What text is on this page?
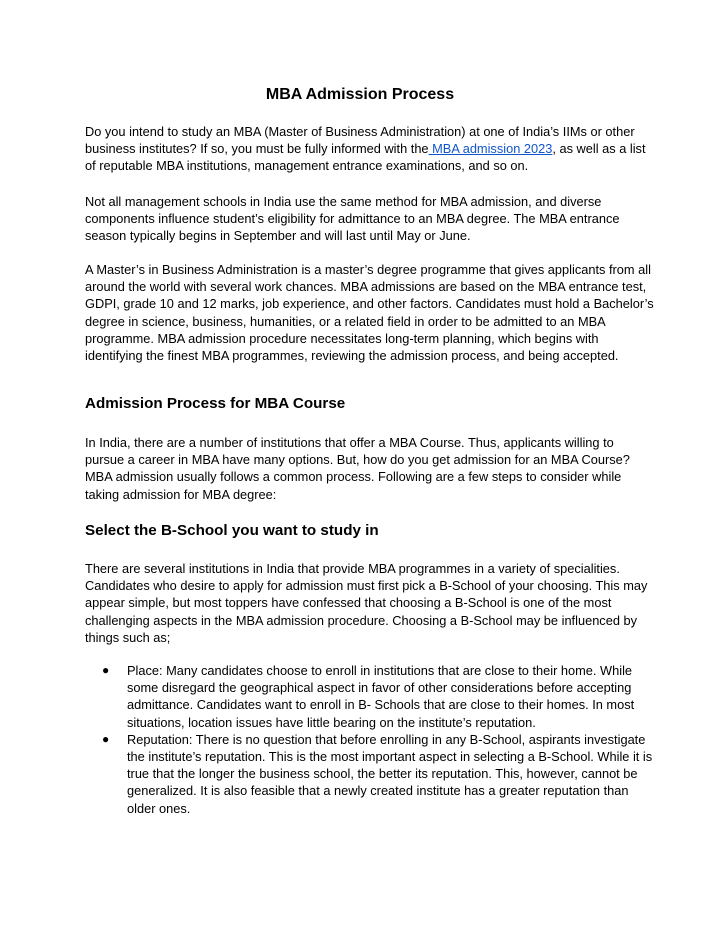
MBA Admission Process

Do you intend to study an MBA (Master of Business Administration) at one of India’s IIMs or other business institutes? If so, you must be fully informed with the MBA admission 2023, as well as a list of reputable MBA institutions, management entrance examinations, and so on.

Not all management schools in India use the same method for MBA admission, and diverse components influence student’s eligibility for admittance to an MBA degree. The MBA entrance season typically begins in September and will last until May or June.

A Master’s in Business Administration is a master’s degree programme that gives applicants from all around the world with several work chances. MBA admissions are based on the MBA entrance test, GDPI, grade 10 and 12 marks, job experience, and other factors. Candidates must hold a Bachelor’s degree in science, business, humanities, or a related field in order to be admitted to an MBA programme. MBA admission procedure necessitates long-term planning, which begins with identifying the finest MBA programmes, reviewing the admission process, and being accepted.

Admission Process for MBA Course

In India, there are a number of institutions that offer a MBA Course. Thus, applicants willing to pursue a career in MBA have many options. But, how do you get admission for an MBA Course? MBA admission usually follows a common process. Following are a few steps to consider while taking admission for MBA degree:

Select the B-School you want to study in

There are several institutions in India that provide MBA programmes in a variety of specialities. Candidates who desire to apply for admission must first pick a B-School of your choosing. This may appear simple, but most toppers have confessed that choosing a B-School is one of the most challenging aspects in the MBA admission procedure. Choosing a B-School may be influenced by things such as;

● Place: Many candidates choose to enroll in institutions that are close to their home. While some disregard the geographical aspect in favor of other considerations before accepting admittance. Candidates want to enroll in B- Schools that are close to their homes. In most situations, location issues have little bearing on the institute’s reputation.
● Reputation: There is no question that before enrolling in any B-School, aspirants investigate the institute’s reputation. This is the most important aspect in selecting a B-School. While it is true that the longer the business school, the better its reputation. This, however, cannot be generalized. It is also feasible that a newly created institute has a greater reputation than older ones.
